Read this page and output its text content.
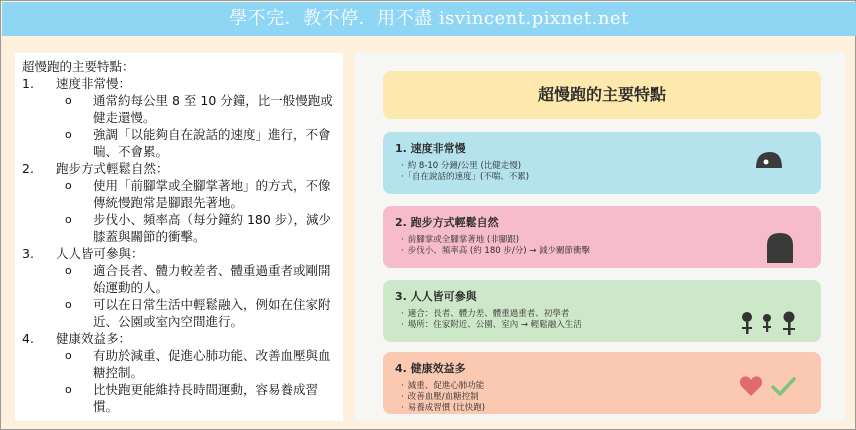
學不完．教不停．用不盡 isvincent.pixnet.net
超慢跑的主要特點：
1.	速度非常慢：
o 通常約每公里 8 至 10 分鐘，比一般慢跑或健走還慢。
o 強調「以能夠自在說話的速度」進行，不會喘、不會累。
2.	跑步方式輕鬆自然：
o 使用「前腳掌或全腳掌著地」的方式，不像傳統慢跑常是腳跟先著地。
o 步伐小、頻率高（每分鐘約 180 步），減少膝蓋與關節的衝擊。
3.	人人皆可參與：
o 適合長者、體力較差者、體重過重者或剛開始運動的人。
o 可以在日常生活中輕鬆融入，例如在住家附近、公園或室內空間進行。
4.	健康效益多：
o 有助於減重、促進心肺功能、改善血壓與血糖控制。
o 比快跑更能維持長時間運動，容易養成習慣。
超慢跑的主要特點
1. 速度非常慢
· 約 8-10 分鐘/公里 (比健走慢)
· 「自在說話的速度」(不喘、不累)
2. 跑步方式輕鬆自然
· 前腳掌或全腳掌著地 (非腳跟)
· 步伐小、頻率高 (約 180 步/分) → 減少關節衝擊
3. 人人皆可參與
· 適合：長者、體力差、體重過重者、初學者
· 場所：住家附近、公園、室內 → 輕鬆融入生活
4. 健康效益多
· 減重、促進心肺功能
· 改善血壓/血糖控制
· 易養成習慣 (比快跑)
